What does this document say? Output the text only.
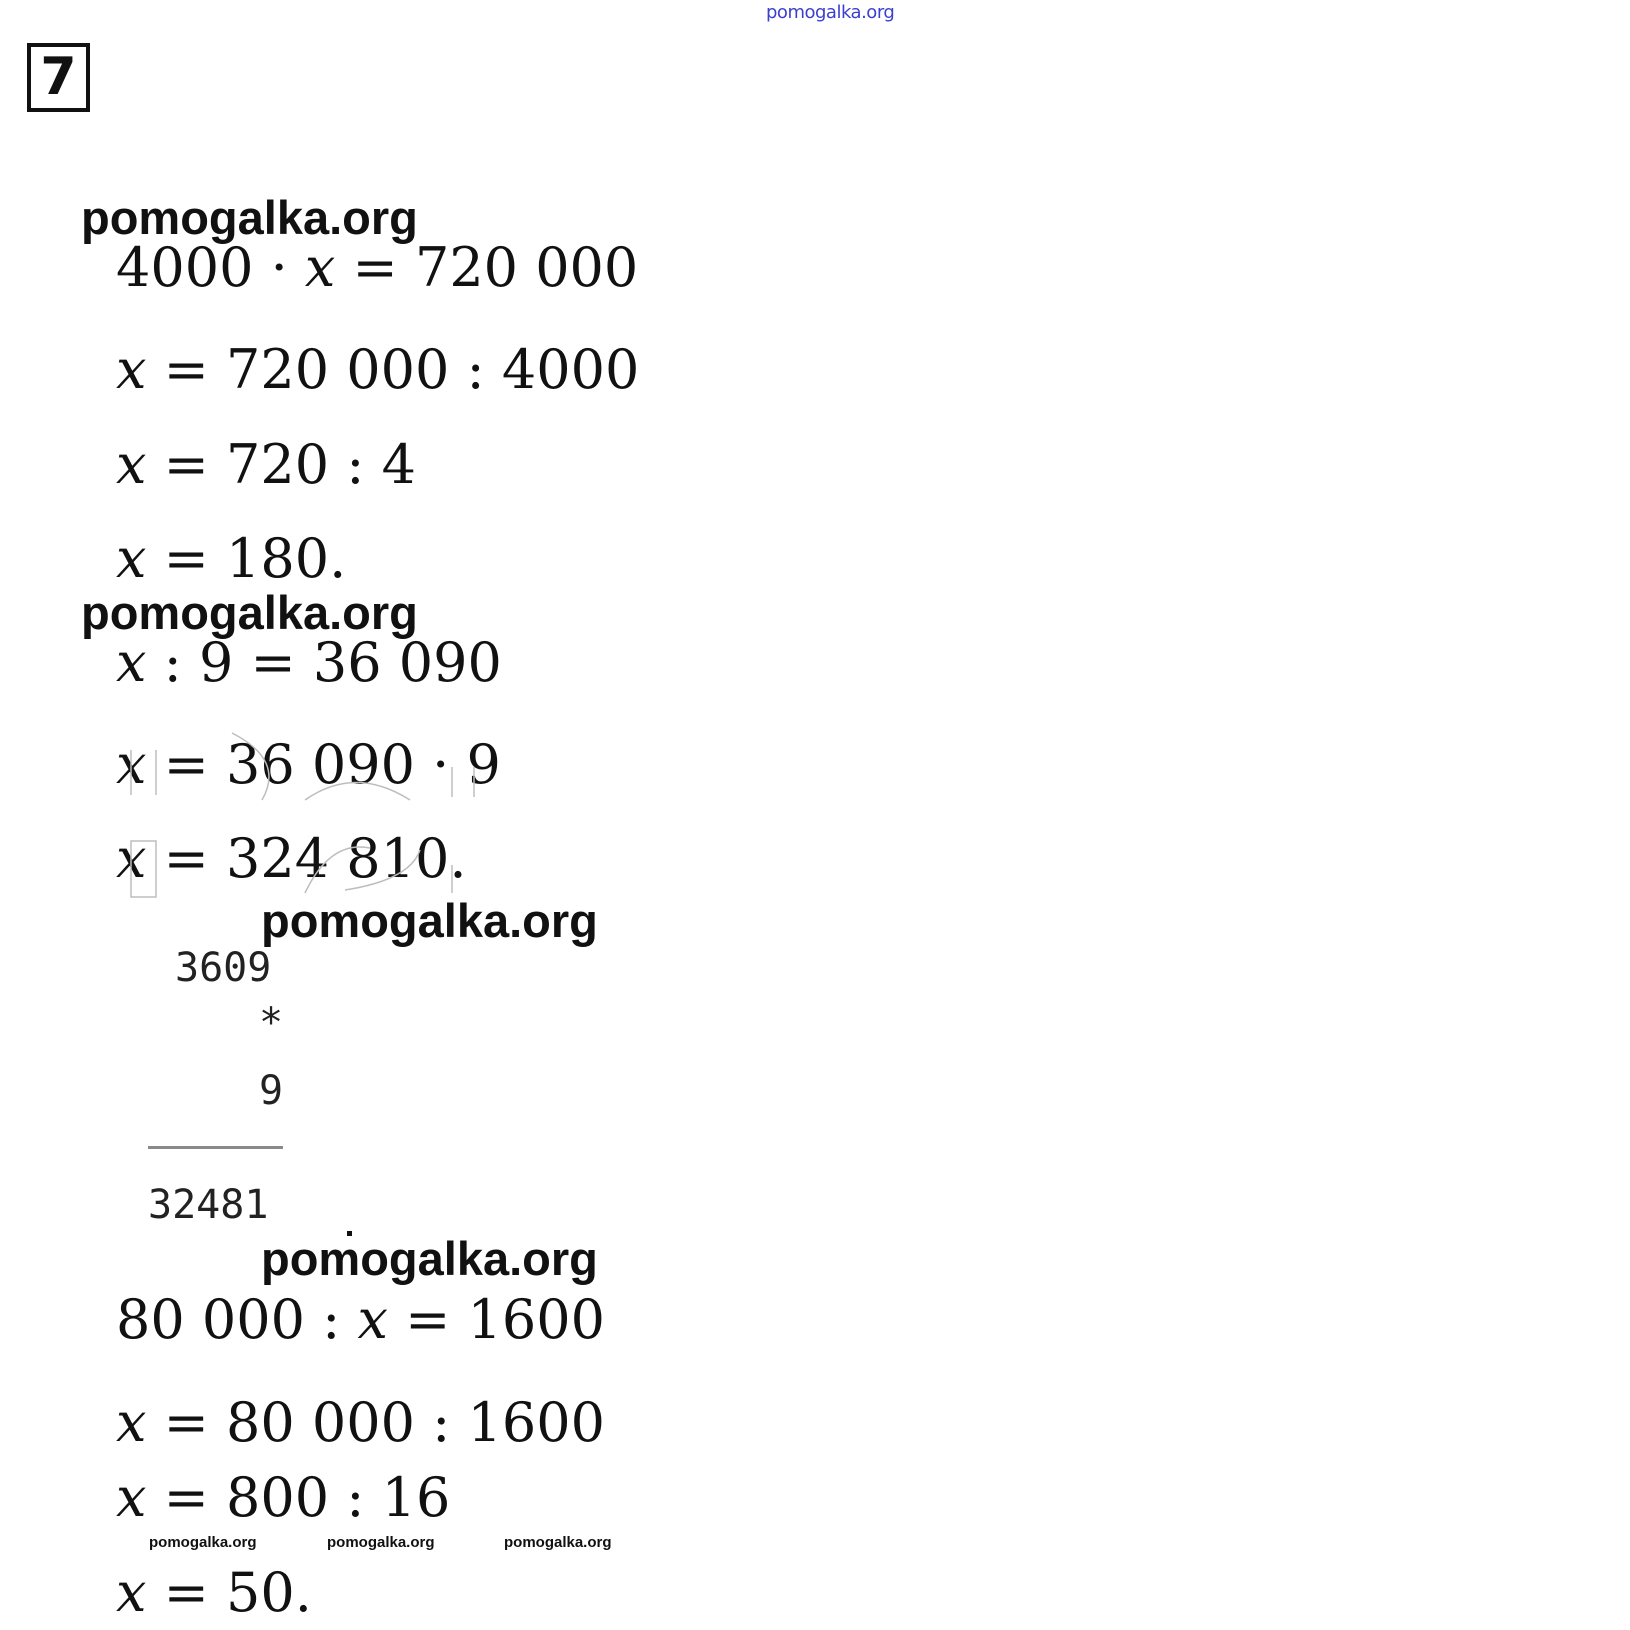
pomogalka.org
7
pomogalka.org
4000 · x = 720 000
x = 720 000 : 4000
x = 720 : 4
x = 180.
pomogalka.org
x : 9 = 36 090
x = 36 090 · 9
x = 324 810.
pomogalka.org
3609
*
9
32481
pomogalka.org
80 000 : x = 1600
x = 80 000 : 1600
x = 800 : 16
pomogalka.org	pomogalka.org	pomogalka.org
x = 50.
